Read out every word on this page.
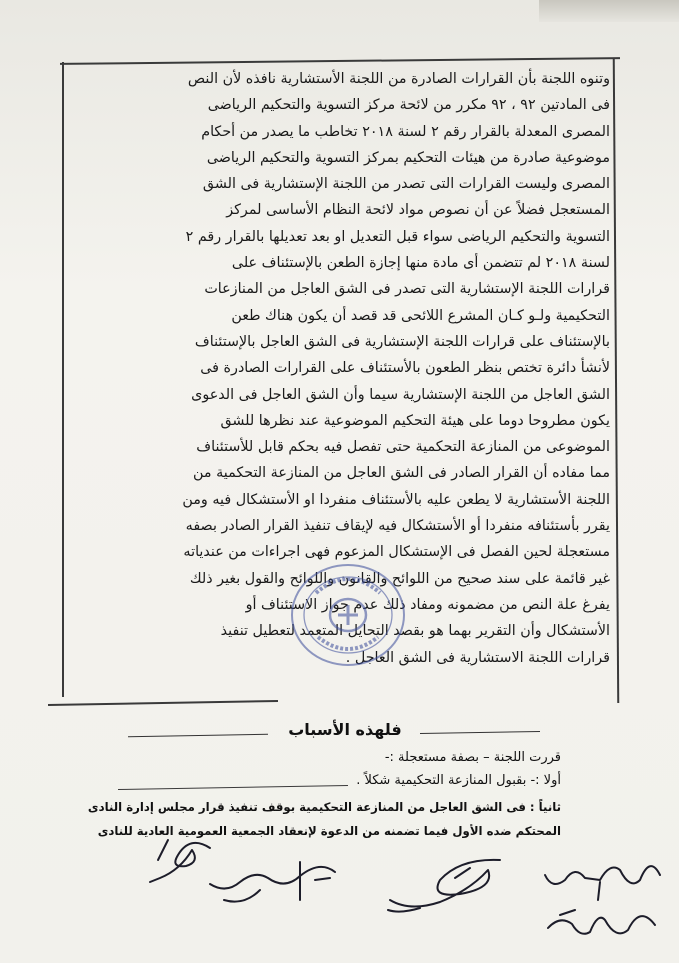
وتنوه اللجنة بأن القرارات الصادرة من اللجنة الأستشارية نافذه لأن النص
فى المادتين ٩٢ ، ٩٢ مكرر من لائحة مركز التسوية والتحكيم الرياضى
المصرى المعدلة بالقرار رقم ٢ لسنة ٢٠١٨ تخاطب ما يصدر من أحكام
موضوعية صادرة من هيئات التحكيم بمركز التسوية والتحكيم الرياضى
المصرى وليست القرارات التى تصدر من اللجنة الإستشارية فى الشق
المستعجل فضلاً عن أن نصوص مواد لائحة النظام الأساسى لمركز
التسوية والتحكيم الرياضى سواء قبل التعديل او بعد تعديلها بالقرار رقم ٢
لسنة ٢٠١٨ لم تتضمن أى مادة منها إجازة الطعن بالإستئناف على
قرارات اللجنة الإستشارية التى تصدر فى الشق العاجل من المنازعات
التحكيمية ولـو كـان المشرع اللائحى قد قصد أن يكون هناك طعن
بالإستئناف على قرارات اللجنة الإستشارية فى الشق العاجل بالإستئناف
لأنشأ دائرة تختص بنظر الطعون بالأستئناف على القرارات الصادرة فى
الشق العاجل من اللجنة الإستشارية سيما وأن الشق العاجل فى الدعوى
يكون مطروحا دوما على هيئة التحكيم الموضوعية عند نظرها للشق
الموضوعى من المنازعة التحكمية حتى تفصل فيه بحكم قابل للأستئناف
مما مفاده أن القرار الصادر فى الشق العاجل من المنازعة التحكمية من
اللجنة الأستشارية لا يطعن عليه بالأستئناف منفردا او الأستشكال فيه ومن
يقرر بأستئنافه منفردا أو الأستشكال فيه لإيقاف تنفيذ القرار الصادر بصفه
مستعجلة لحين الفصل فى الإستشكال المزعوم فهى اجراءات من عندياته
غير قائمة على سند صحيح من اللوائح والقانون واللوائح والقول بغير ذلك
يفرغ علة النص من مضمونه ومفاد ذلك عدم جواز الاستئناف أو
الأستشكال وأن التقرير بهما هو بقصد التحايل المتعمد لتعطيل تنفيذ
قرارات اللجنة الاستشارية فى الشق العاجل .
فلهذه الأسباب
قررت اللجنة – بصفة مستعجلة :-
أولا :- بقبول المنازعة التحكيمية شكلاً .
ثانياً : فى الشق العاجل من المنازعة التحكيمية بوقف تنفيذ قرار مجلس إدارة النادى
المحتكم ضده الأول فيما تضمنه من الدعوة لإنعقاد الجمعية العمومية العادية للنادى
